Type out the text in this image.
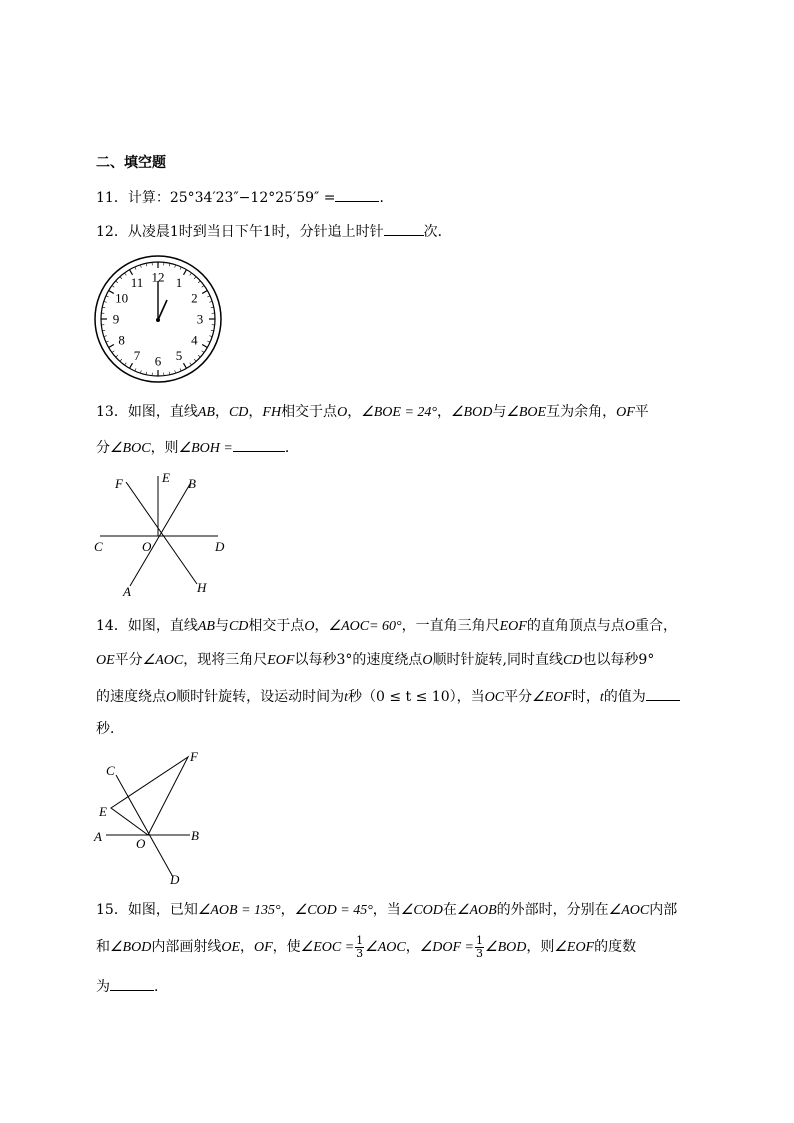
二、填空题
11．计算：25°34′23″−12°25′59″ =	．
12．从凌晨1时到当日下午1时，分针追上时针	次．
12 1
2
3
4
5
6
7
8
9
10
11
13．如图，直线AB，CD，FH相交于点O，∠BOE = 24°，∠BOD与∠BOE互为余角，OF平
分∠BOC，则∠BOH =	．
F	E B
C	O	D
A	H
14．如图，直线AB与CD相交于点O，∠AOC= 60°，一直角三角尺EOF的直角顶点与点O重合，
OE平分∠AOC，现将三角尺EOF以每秒3°的速度绕点O顺时针旋转,同时直线CD也以每秒9°
的速度绕点O顺时针旋转，设运动时间为t秒（0 ≤ t ≤ 10），当OC平分∠EOF时，t的值为
秒．
C
F
E
A	O
B
D
15．如图，已知∠AOB = 135°，∠COD = 45°，当∠COD在∠AOB的外部时，分别在∠AOC内部
和∠BOD内部画射线OE，OF，使∠EOC = $\frac{1}{3}$ ∠AOC，∠DOF = $\frac{1}{3}$ ∠BOD，则∠EOF的度数
为	．
